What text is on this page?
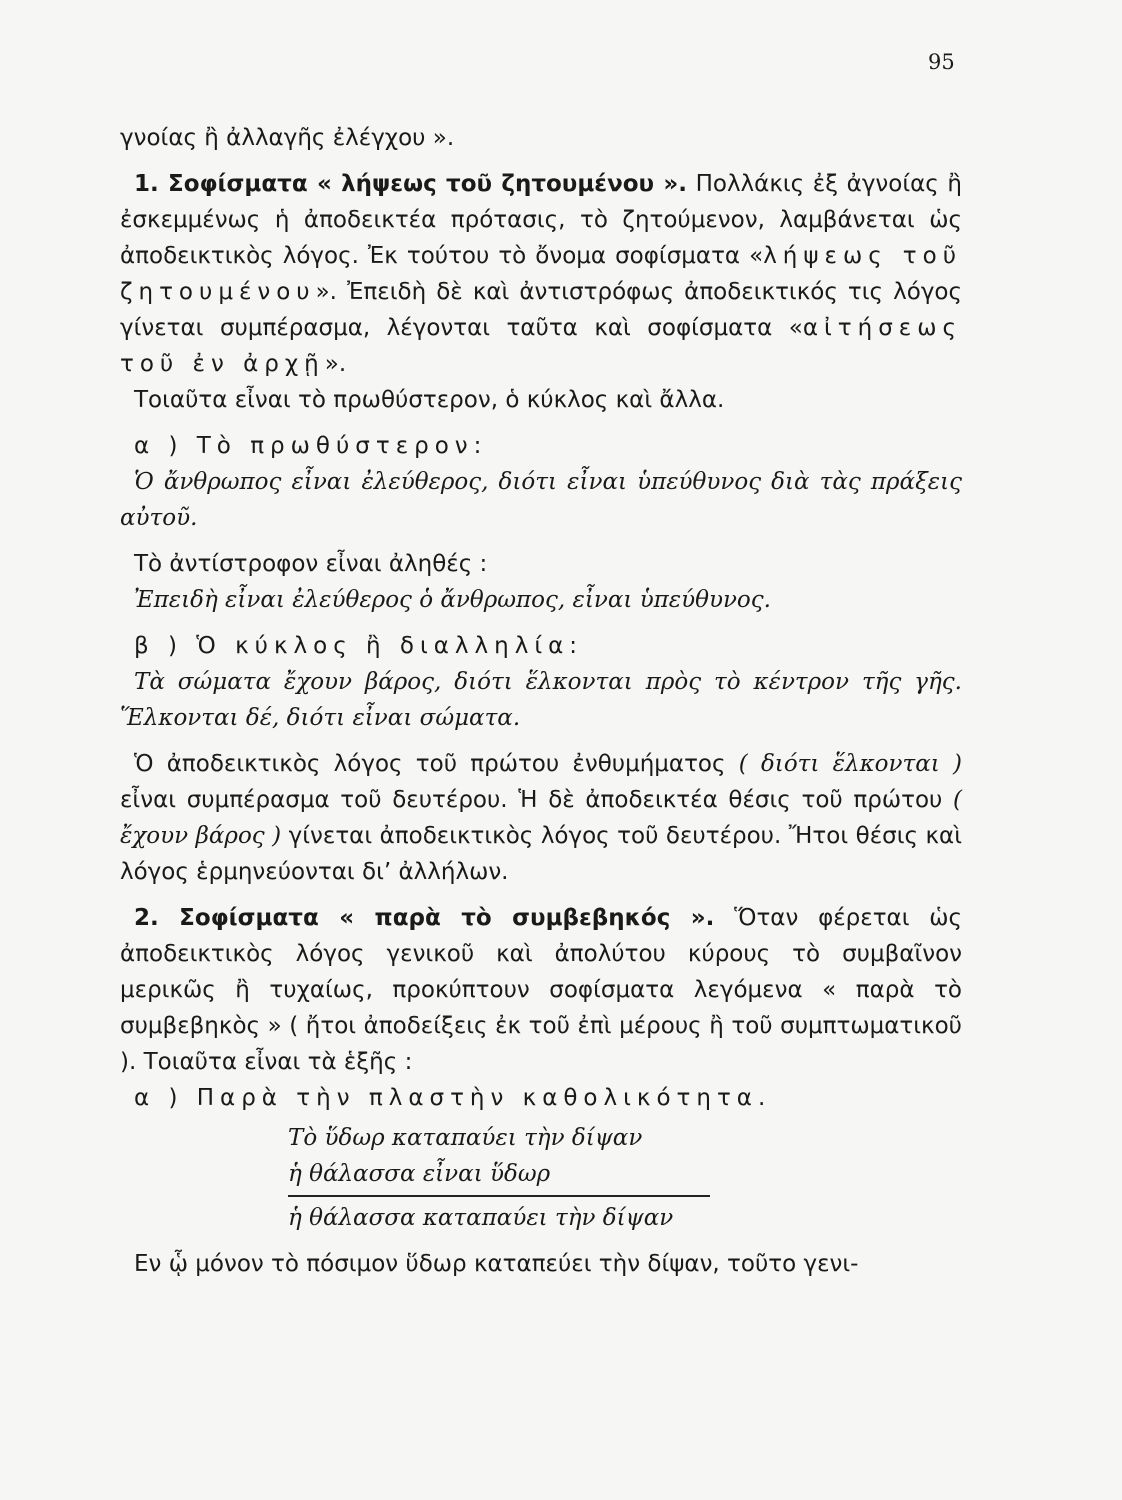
95

γνοίας ἢ ἀλλαγῆς ἐλέγχου ».

1. Σοφίσματα « λήψεως τοῦ ζητουμένου ». Πολλάκις ἐξ ἀγνοίας ἢ ἐσκεμμένως ἡ ἀποδεικτέα πρότασις, τὸ ζητούμενον, λαμβάνεται ὡς ἀποδεικτικὸς λόγος. Ἐκ τούτου τὸ ὄνομα σοφίσματα «λήψεως τοῦ ζητουμένου». Ἐπειδὴ δὲ καὶ ἀντιστρόφως ἀποδεικτικός τις λόγος γίνεται συμπέρασμα, λέγονται ταῦτα καὶ σοφίσματα «αἰτήσεως τοῦ ἐν ἀρχῇ».

Τοιαῦτα εἶναι τὸ πρωθύστερον, ὁ κύκλος καὶ ἄλλα.

α ) Τὸ πρωθύστερον:

Ὁ ἄνθρωπος εἶναι ἐλεύθερος, διότι εἶναι ὑπεύθυνος διὰ τὰς πράξεις αὐτοῦ.

Τὸ ἀντίστροφον εἶναι ἀληθές :

Ἐπειδὴ εἶναι ἐλεύθερος ὁ ἄνθρωπος, εἶναι ὑπεύθυνος.

β ) Ὁ κύκλος ἢ διαλληλία:

Τὰ σώματα ἔχουν βάρος, διότι ἕλκονται πρὸς τὸ κέντρον τῆς γῆς. Ἕλκονται δέ, διότι εἶναι σώματα.

Ὁ ἀποδεικτικὸς λόγος τοῦ πρώτου ἐνθυμήματος ( διότι ἕλκονται ) εἶναι συμπέρασμα τοῦ δευτέρου. Ἡ δὲ ἀποδεικτέα θέσις τοῦ πρώτου ( ἔχουν βάρος ) γίνεται ἀποδεικτικὸς λόγος τοῦ δευτέρου. Ἤτοι θέσις καὶ λόγος ἑρμηνεύονται δι’ ἀλλήλων.

2. Σοφίσματα « παρὰ τὸ συμβεβηκός ». Ὅταν φέρεται ὡς ἀποδεικτικὸς λόγος γενικοῦ καὶ ἀπολύτου κύρους τὸ συμβαῖνον μερικῶς ἢ τυχαίως, προκύπτουν σοφίσματα λεγόμενα « παρὰ τὸ συμβεβηκὸς » ( ἤτοι ἀποδείξεις ἐκ τοῦ ἐπὶ μέρους ἢ τοῦ συμπτωματικοῦ ). Τοιαῦτα εἶναι τὰ ἑξῆς :

α ) Παρὰ τὴν πλαστὴν καθολικότητα.

Τὸ ὕδωρ καταπαύει τὴν δίψαν
ἡ θάλασσα εἶναι ὕδωρ
ἡ θάλασσα καταπαύει τὴν δίψαν

Εν ᾧ μόνον τὸ πόσιμον ὕδωρ καταπεύει τὴν δίψαν, τοῦτο γενι-
